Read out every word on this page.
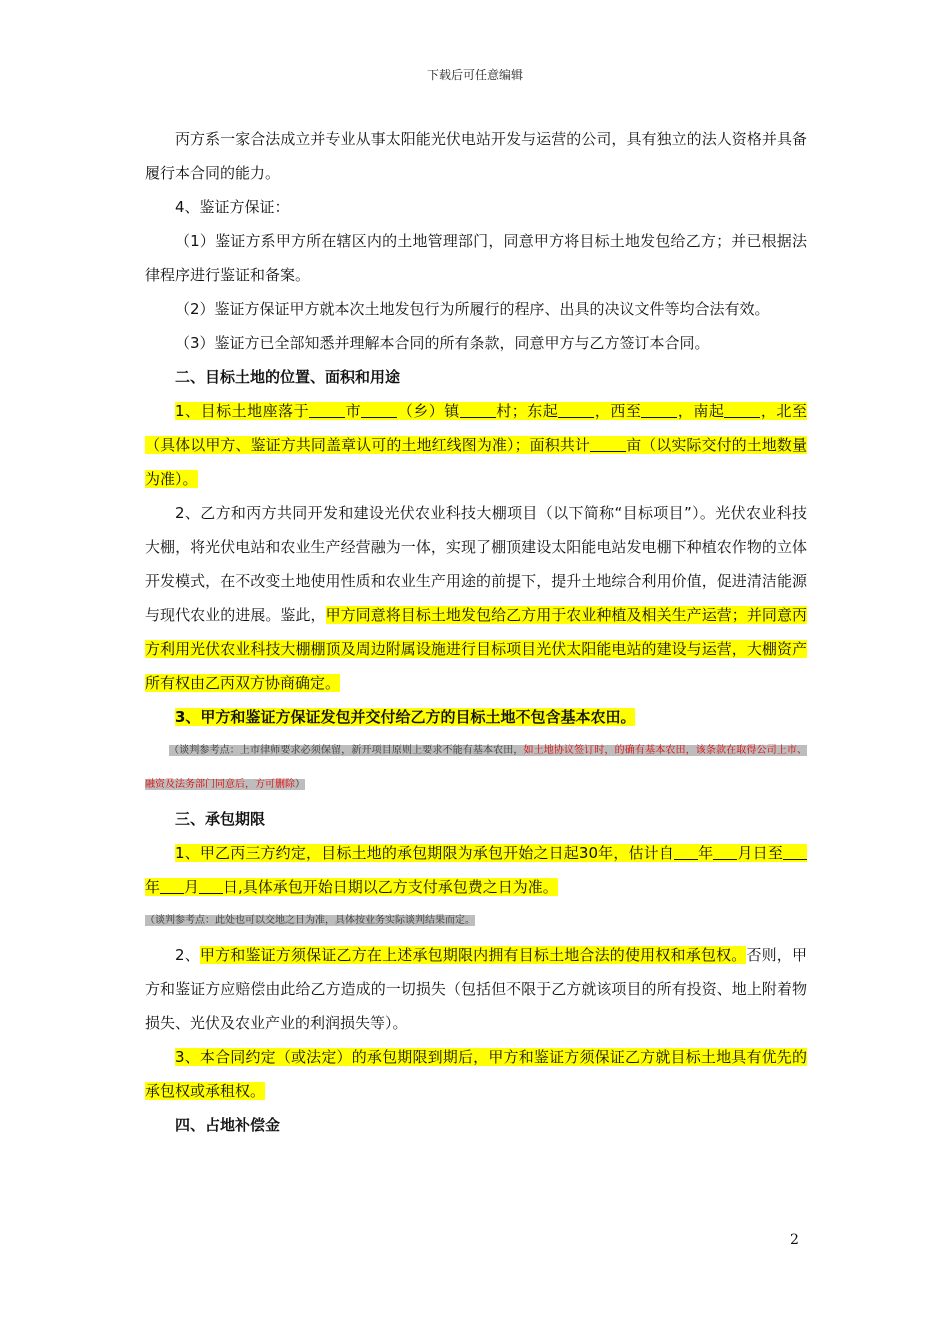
下载后可任意编辑

丙方系一家合法成立并专业从事太阳能光伏电站开发与运营的公司，具有独立的法人资格并具备履行本合同的能力。

4、鉴证方保证：

（1）鉴证方系甲方所在辖区内的土地管理部门，同意甲方将目标土地发包给乙方；并已根据法律程序进行鉴证和备案。

（2）鉴证方保证甲方就本次土地发包行为所履行的程序、出具的决议文件等均合法有效。

（3）鉴证方已全部知悉并理解本合同的所有条款，同意甲方与乙方签订本合同。

二、目标土地的位置、面积和用途

1、目标土地座落于 市 （乡）镇 村；东起 ，西至 ，南起 ，北至（具体以甲方、鉴证方共同盖章认可的土地红线图为准）；面积共计 亩（以实际交付的土地数量为准）。

2、乙方和丙方共同开发和建设光伏农业科技大棚项目（以下简称“目标项目”）。光伏农业科技大棚，将光伏电站和农业生产经营融为一体，实现了棚顶建设太阳能电站发电棚下种植农作物的立体开发模式，在不改变土地使用性质和农业生产用途的前提下，提升土地综合利用价值，促进清洁能源与现代农业的进展。鉴此，甲方同意将目标土地发包给乙方用于农业种植及相关生产运营；并同意丙方利用光伏农业科技大棚棚顶及周边附属设施进行目标项目光伏太阳能电站的建设与运营，大棚资产所有权由乙丙双方协商确定。

3、甲方和鉴证方保证发包并交付给乙方的目标土地不包含基本农田。

（谈判参考点：上市律师要求必须保留，新开项目原则上要求不能有基本农田，如土地协议签订时，的确有基本农田，该条款在取得公司上市、融资及法务部门同意后，方可删除）

三、承包期限

1、甲乙丙三方约定，目标土地的承包期限为承包开始之日起30年，估计自 年 月日至年 月 日,具体承包开始日期以乙方支付承包费之日为准。

（谈判参考点：此处也可以交地之日为准，具体按业务实际谈判结果而定。

2、甲方和鉴证方须保证乙方在上述承包期限内拥有目标土地合法的使用权和承包权。否则，甲方和鉴证方应赔偿由此给乙方造成的一切损失（包括但不限于乙方就该项目的所有投资、地上附着物损失、光伏及农业产业的利润损失等）。

3、本合同约定（或法定）的承包期限到期后，甲方和鉴证方须保证乙方就目标土地具有优先的承包权或承租权。

四、占地补偿金

2
